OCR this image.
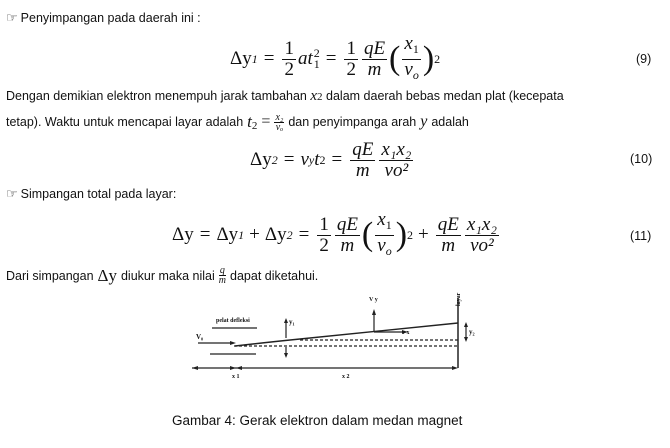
☞ Penyimpangan pada daerah ini :
Δy $1 = \frac{1}{2}$ at 2
$1 = \frac{1}{2} \frac{qE}{m}$ ( $\frac{x_1}{v_o}$ ) 2	(9)
Dengan demikian elektron menempuh jarak tambahan x2 dalam daerah bebas medan plat (kecepata
tetap). Waktu untuk mencapai layar adalah t $2 = \frac{\text{x₂}}{\text{vₒ}}$ dan penyimpanga arah y adalah
Δy 2 = v y t $2 = \frac{qE}{m} \frac{\text{x₁x₂}}{\text{vo²}}$	(10)
☞ Simpangan total pada layar:
Δy = Δy 1 + Δy $2 = \frac{1}{2} \frac{qE}{m}$ ( $\frac{x_1}{v_o}$ ) $2 + \frac{qE}{m} \frac{\text{x₁x₂}}{\text{vo²}}$	(11)
Dari simpangan Δy diukur maka nilai $\frac{q}{m}$ dapat diketahui.
pelat defleksi
V₀
y₁
V y
v x
layar
y₂
x 1	x 2
Gambar 4: Gerak elektron dalam medan magnet
